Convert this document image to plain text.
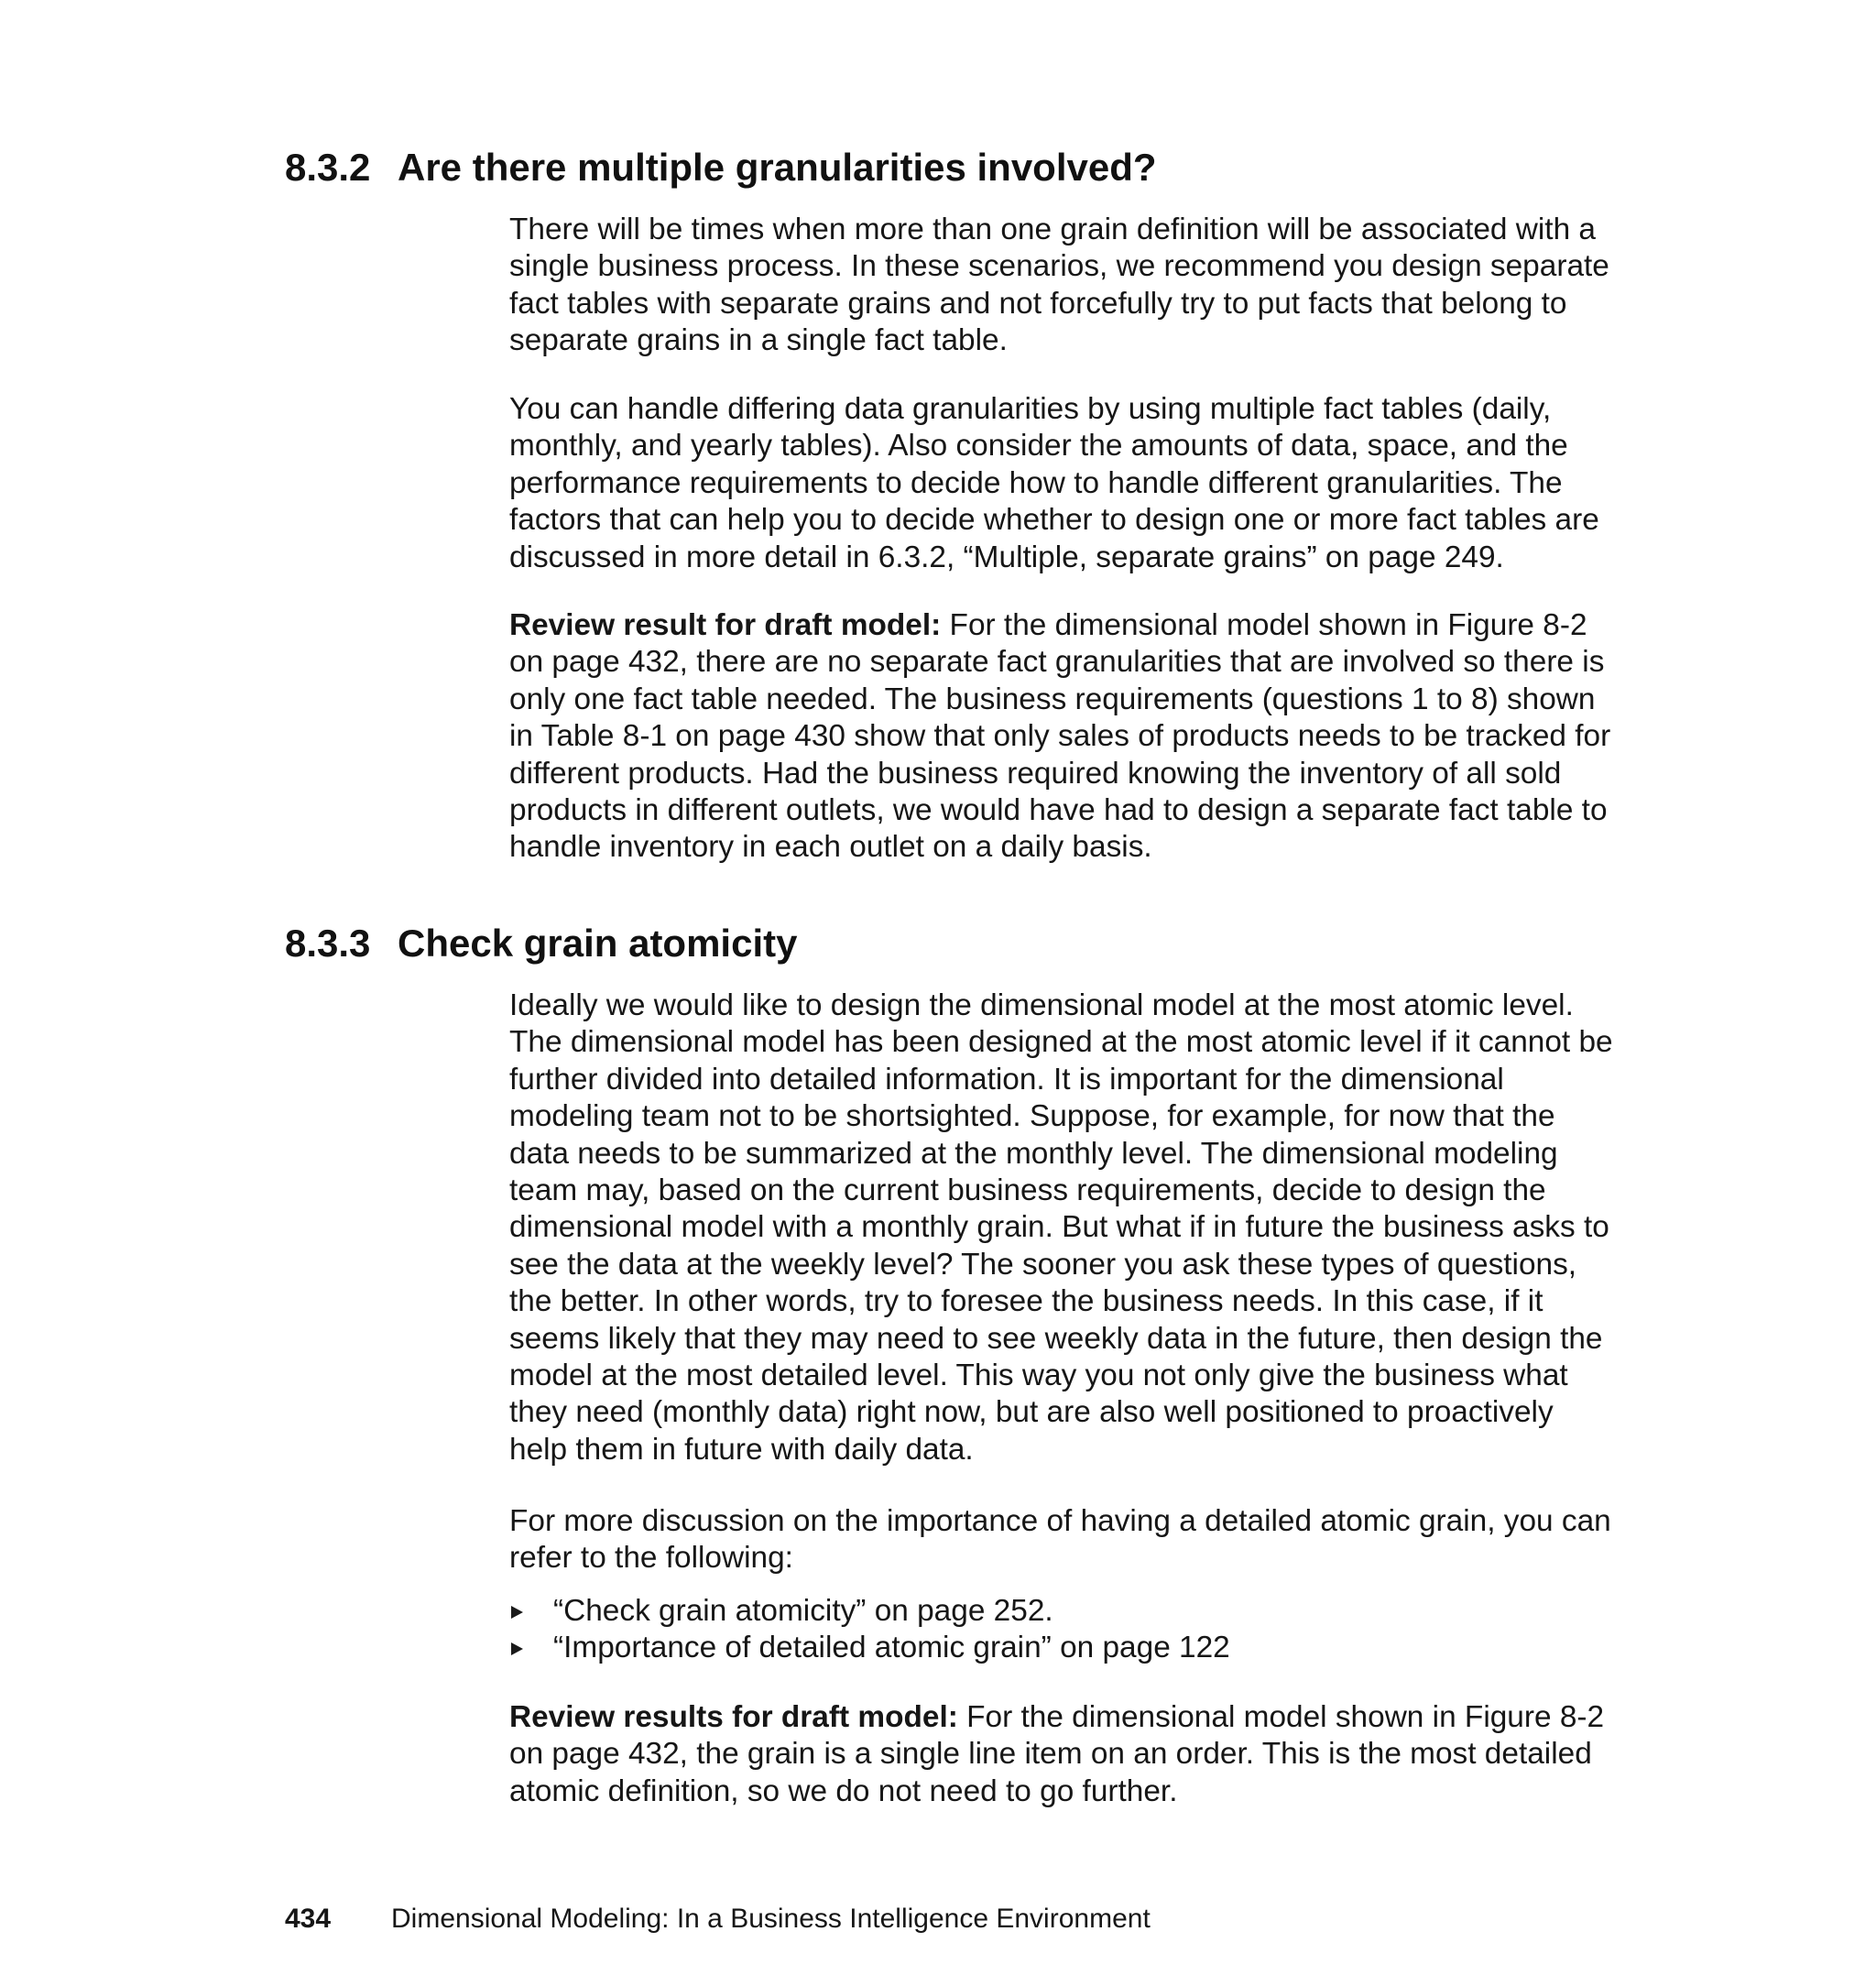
8.3.2 Are there multiple granularities involved?

There will be times when more than one grain definition will be associated with a single business process. In these scenarios, we recommend you design separate fact tables with separate grains and not forcefully try to put facts that belong to separate grains in a single fact table.

You can handle differing data granularities by using multiple fact tables (daily, monthly, and yearly tables). Also consider the amounts of data, space, and the performance requirements to decide how to handle different granularities. The factors that can help you to decide whether to design one or more fact tables are discussed in more detail in 6.3.2, “Multiple, separate grains” on page 249.

Review result for draft model: For the dimensional model shown in Figure 8-2 on page 432, there are no separate fact granularities that are involved so there is only one fact table needed. The business requirements (questions 1 to 8) shown in Table 8-1 on page 430 show that only sales of products needs to be tracked for different products. Had the business required knowing the inventory of all sold products in different outlets, we would have had to design a separate fact table to handle inventory in each outlet on a daily basis.

8.3.3 Check grain atomicity

Ideally we would like to design the dimensional model at the most atomic level. The dimensional model has been designed at the most atomic level if it cannot be further divided into detailed information. It is important for the dimensional modeling team not to be shortsighted. Suppose, for example, for now that the data needs to be summarized at the monthly level. The dimensional modeling team may, based on the current business requirements, decide to design the dimensional model with a monthly grain. But what if in future the business asks to see the data at the weekly level? The sooner you ask these types of questions, the better. In other words, try to foresee the business needs. In this case, if it seems likely that they may need to see weekly data in the future, then design the model at the most detailed level. This way you not only give the business what they need (monthly data) right now, but are also well positioned to proactively help them in future with daily data.

For more discussion on the importance of having a detailed atomic grain, you can refer to the following:

“Check grain atomicity” on page 252.
“Importance of detailed atomic grain” on page 122

Review results for draft model: For the dimensional model shown in Figure 8-2 on page 432, the grain is a single line item on an order. This is the most detailed atomic definition, so we do not need to go further.

434 Dimensional Modeling: In a Business Intelligence Environment
